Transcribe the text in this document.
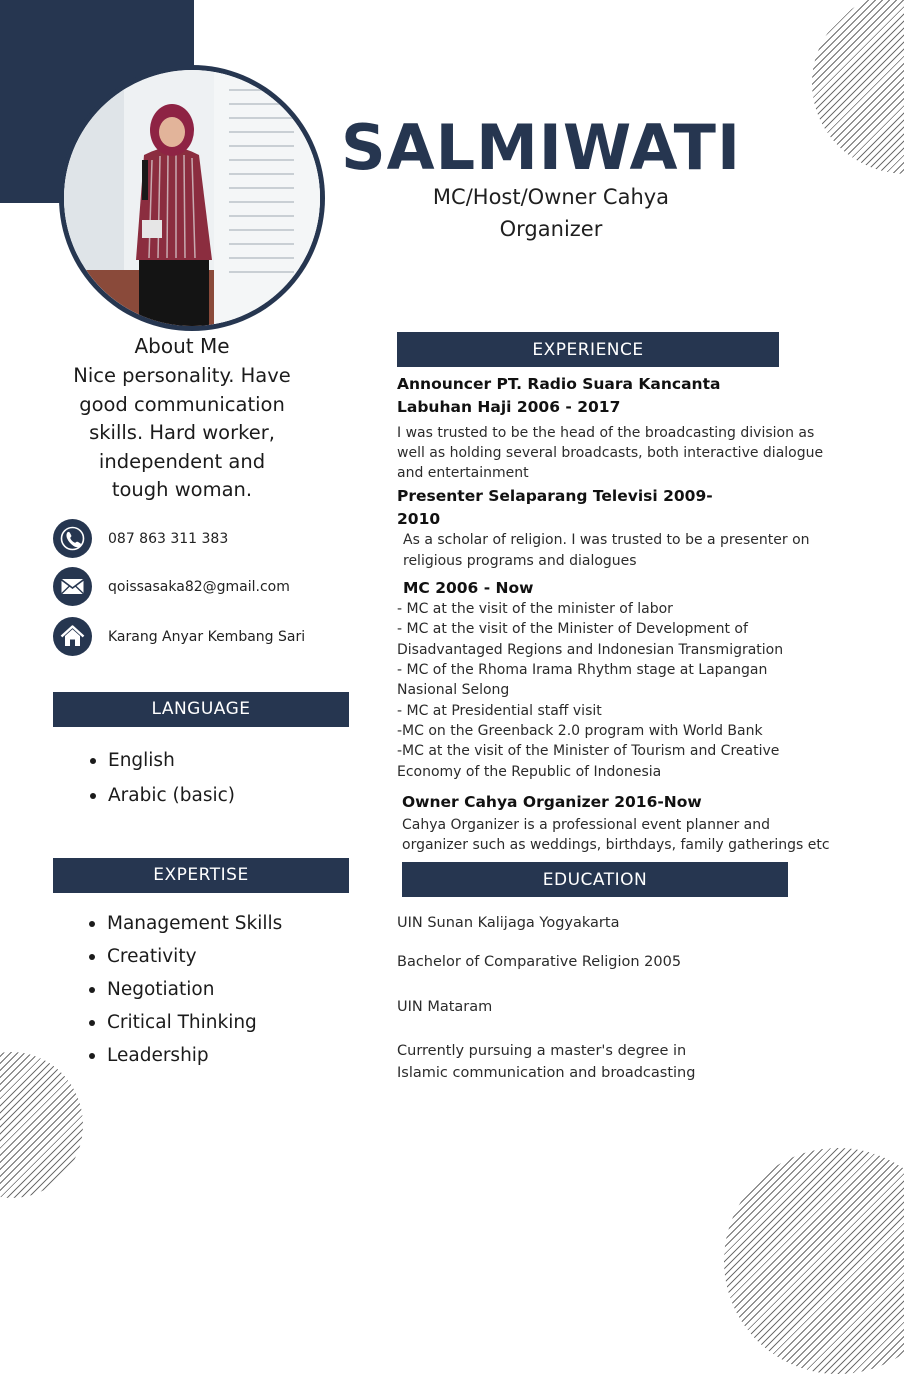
SALMIWATI
MC/Host/Owner Cahya
Organizer
About Me
Nice personality. Have
good communication
skills. Hard worker,
independent and
tough woman.
087 863 311 383
qoissasaka82@gmail.com
Karang Anyar Kembang Sari
LANGUAGE
English
Arabic (basic)
EXPERTISE
Management Skills
Creativity
Negotiation
Critical Thinking
Leadership
EXPERIENCE
Announcer PT. Radio Suara Kancanta
Labuhan Haji 2006 - 2017
I was trusted to be the head of the broadcasting division as
well as holding several broadcasts, both interactive dialogue
and entertainment
Presenter Selaparang Televisi 2009-
2010
As a scholar of religion. I was trusted to be a presenter on
religious programs and dialogues
MC 2006 - Now
- MC at the visit of the minister of labor
- MC at the visit of the Minister of Development of
Disadvantaged Regions and Indonesian Transmigration
- MC of the Rhoma Irama Rhythm stage at Lapangan
Nasional Selong
- MC at Presidential staff visit
-MC on the Greenback 2.0 program with World Bank
-MC at the visit of the Minister of Tourism and Creative
Economy of the Republic of Indonesia
Owner Cahya Organizer 2016-Now
Cahya Organizer is a professional event planner and
organizer such as weddings, birthdays, family gatherings etc
EDUCATION
UIN Sunan Kalijaga Yogyakarta
Bachelor of Comparative Religion 2005
UIN Mataram
Currently pursuing a master's degree in
Islamic communication and broadcasting
